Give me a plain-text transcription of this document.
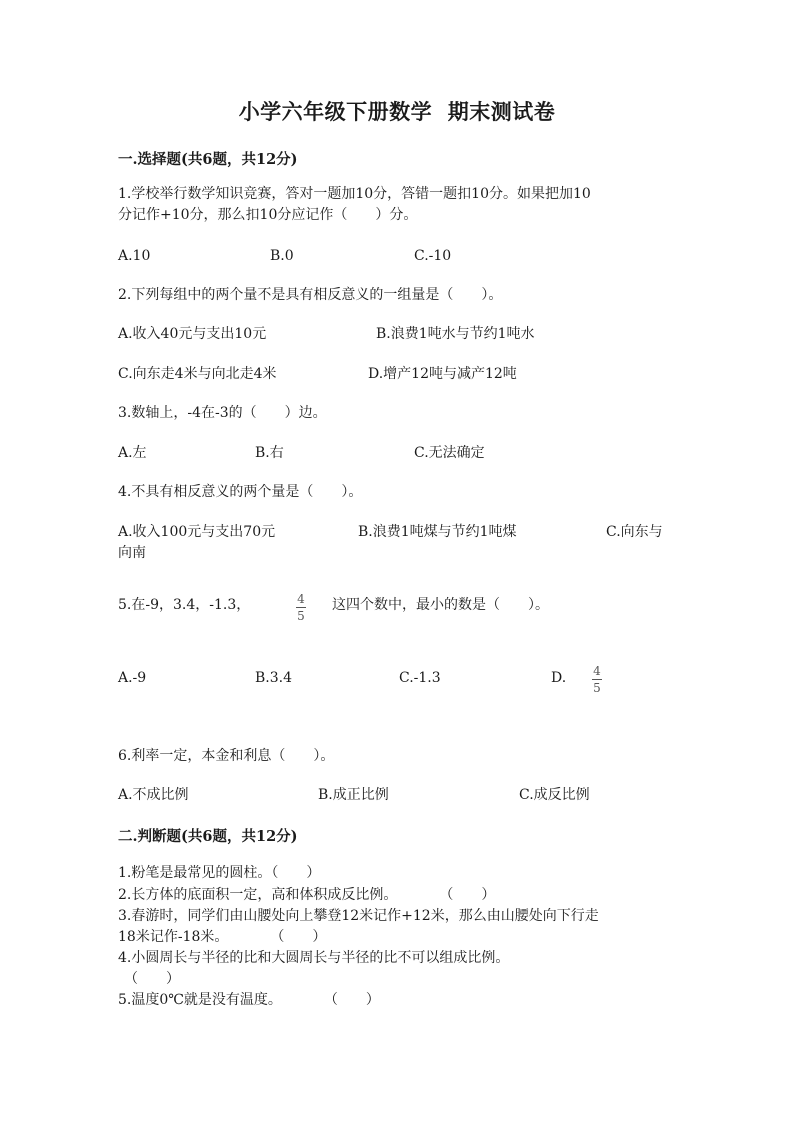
小学六年级下册数学  期末测试卷
一.选择题(共6题，共12分)
1.学校举行数学知识竞赛，答对一题加10分，答错一题扣10分。如果把加10
分记作+10分，那么扣10分应记作（　　）分。
A.10	B.0	C.-10
2.下列每组中的两个量不是具有相反意义的一组量是（　　）。
A.收入40元与支出10元	B.浪费1吨水与节约1吨水
C.向东走4米与向北走4米	D.增产12吨与减产12吨
3.数轴上，-4在-3的（　　）边。
A.左	B.右	C.无法确定
4.不具有相反意义的两个量是（　　）。
A.收入100元与支出70元	B.浪费1吨煤与节约1吨煤	C.向东与
向南
5.在-9，3.4，-1.3，	4
5
这四个数中，最小的数是（　　）。
A.-9	B.3.4	C.-1.3	D. 4
5
6.利率一定，本金和利息（　　）。
A.不成比例	B.成正比例	C.成反比例
二.判断题(共6题，共12分)
1.粉笔是最常见的圆柱。（　　）
2.长方体的底面积一定，高和体积成反比例。　　　　（　　）
3.春游时，同学们由山腰处向上攀登12米记作+12米，那么由山腰处向下行走
18米记作-18米。　　　　（　　）
4.小圆周长与半径的比和大圆周长与半径的比不可以组成比例。
（　　）
5.温度0℃就是没有温度。　　　　（　　）
